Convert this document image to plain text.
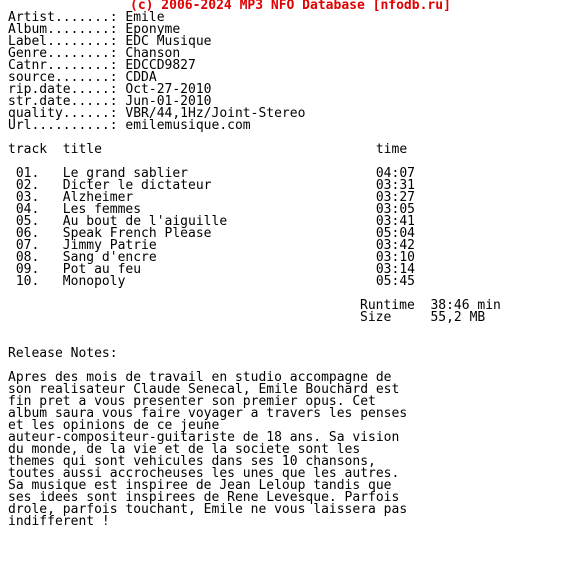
(c) 2006-2024 MP3 NFO Database [nfodb.ru]
Artist.......: Emile
Album........: Eponyme
Label........: EDC Musique
Genre........: Chanson
Catnr........: EDCCD9827
source.......: CDDA
rip.date.....: Oct-27-2010
str.date.....: Jun-01-2010
quality......: VBR/44,1Hz/Joint-Stereo
Url..........: emilemusique.com
track  title                                   time

01.   Le grand sablier                        04:07
02.   Dicter le dictateur                     03:31
03.   Alzheimer                               03:27
04.   Les femmes                              03:05
05.   Au bout de l'aiguille                   03:41
06.   Speak French Please                     05:04
07.   Jimmy Patrie                            03:42
08.   Sang d'encre                            03:10
09.   Pot au feu                              03:14
10.   Monopoly                                05:45
Runtime  38:46 min
Size     55,2 MB
Release Notes:
Apres des mois de travail en studio accompagne de
son realisateur Claude Senecal, Emile Bouchard est
fin pret a vous presenter son premier opus. Cet
album saura vous faire voyager a travers les penses
et les opinions de ce jeune
auteur-compositeur-guitariste de 18 ans. Sa vision
du monde, de la vie et de la societe sont les
themes qui sont vehicules dans ses 10 chansons,
toutes aussi accrocheuses les unes que les autres.
Sa musique est inspiree de Jean Leloup tandis que
ses idees sont inspirees de Rene Levesque. Parfois
drole, parfois touchant, Emile ne vous laissera pas
indifferent !
